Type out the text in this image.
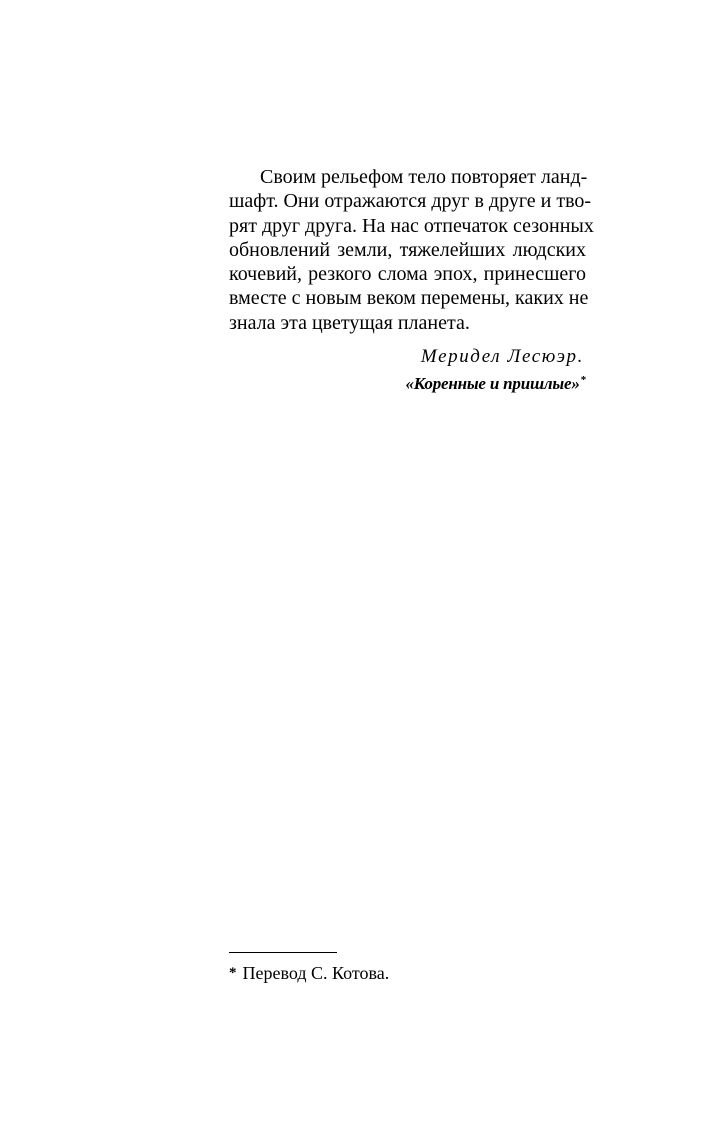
Своим рельефом тело повторяет ланд-
шафт. Они отражаются друг в друге и тво-
рят друг друга. На нас отпечаток сезонных
обновлений земли, тяжелейших людских
кочевий, резкого слома эпох, принесшего
вместе с новым веком перемены, каких не
знала эта цветущая планета.
Меридел Лесюэр.
«Коренные и пришлые»*
* Перевод С. Котова.
